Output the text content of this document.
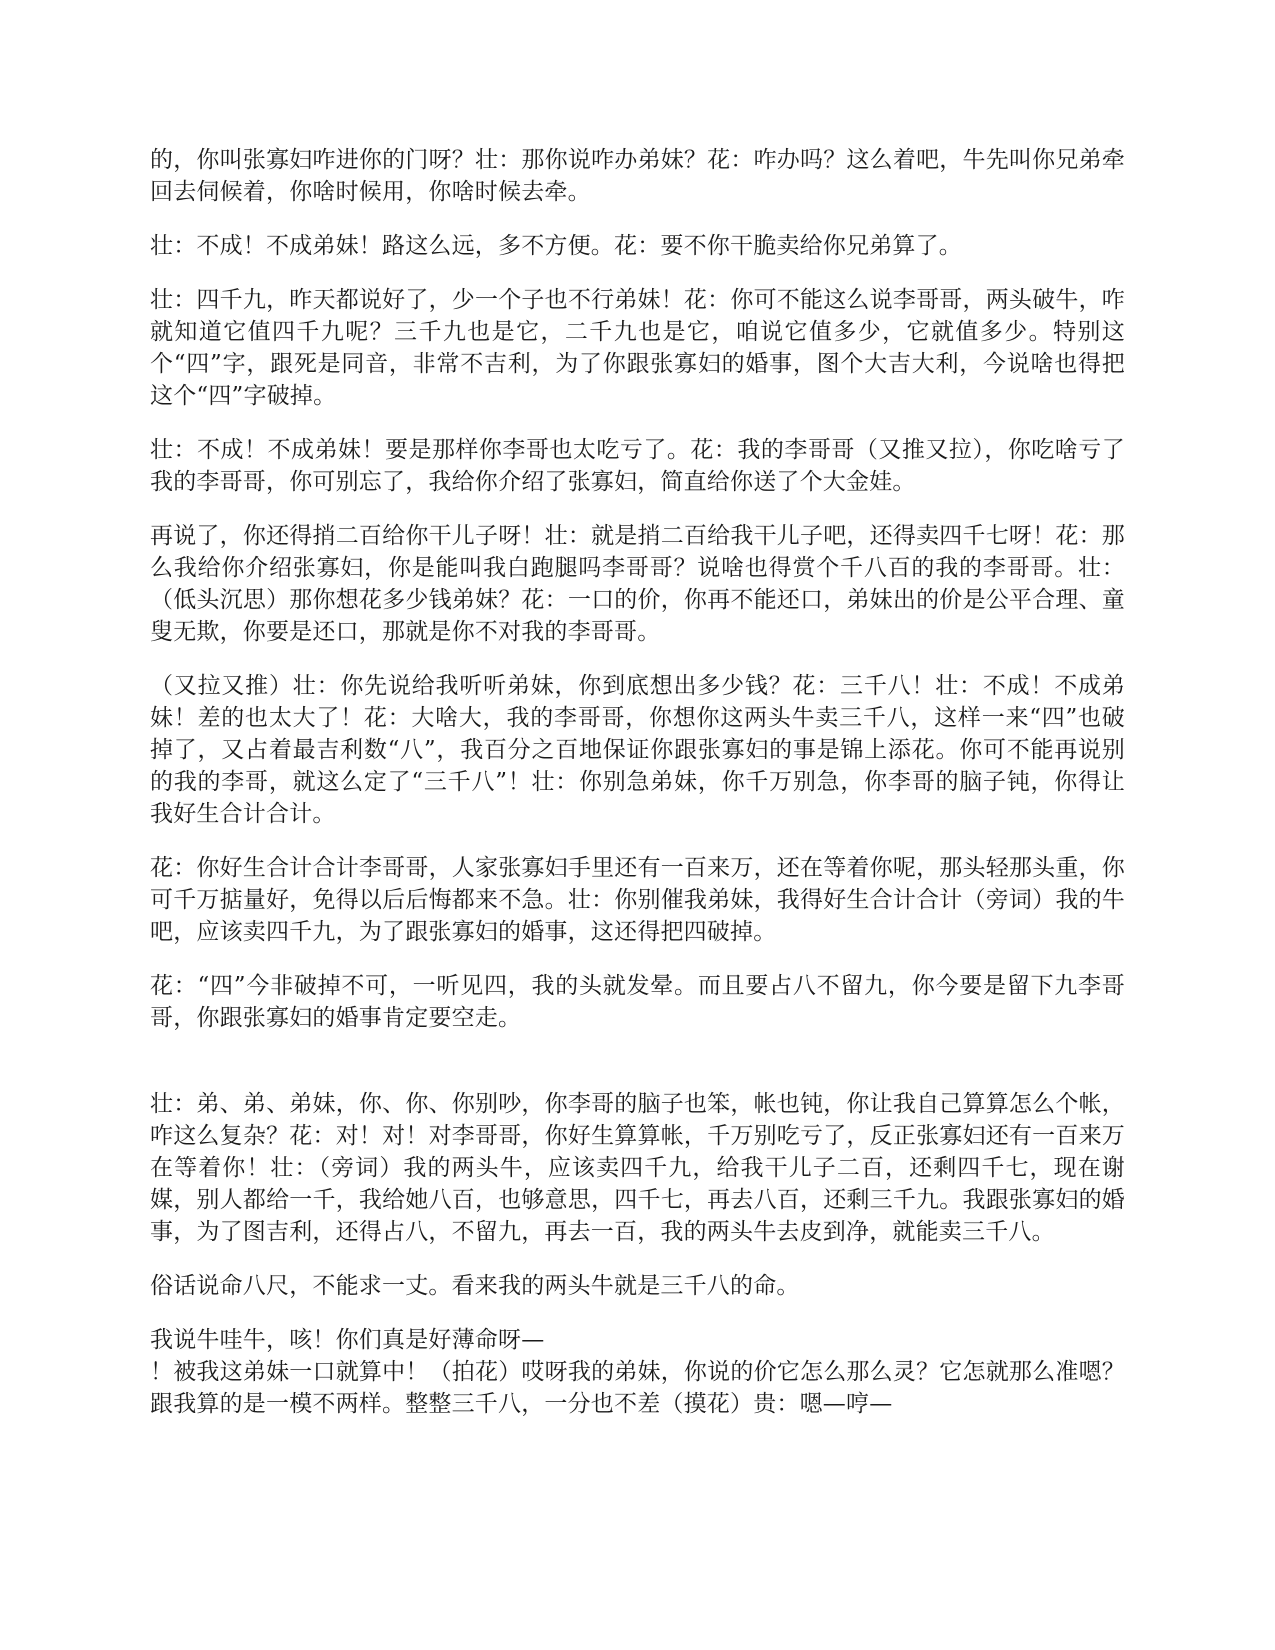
的，你叫张寡妇咋进你的门呀？壮：那你说咋办弟妹？花：咋办吗？这么着吧，牛先叫你兄弟牵回去伺候着，你啥时候用，你啥时候去牵。

壮：不成！不成弟妹！路这么远，多不方便。花：要不你干脆卖给你兄弟算了。

壮：四千九，昨天都说好了，少一个子也不行弟妹！花：你可不能这么说李哥哥，两头破牛，咋就知道它值四千九呢？三千九也是它，二千九也是它，咱说它值多少，它就值多少。特别这个“四”字，跟死是同音，非常不吉利，为了你跟张寡妇的婚事，图个大吉大利，今说啥也得把这个“四”字破掉。

壮：不成！不成弟妹！要是那样你李哥也太吃亏了。花：我的李哥哥（又推又拉），你吃啥亏了我的李哥哥，你可别忘了，我给你介绍了张寡妇，简直给你送了个大金娃。

再说了，你还得捎二百给你干儿子呀！壮：就是捎二百给我干儿子吧，还得卖四千七呀！花：那么我给你介绍张寡妇，你是能叫我白跑腿吗李哥哥？说啥也得赏个千八百的我的李哥哥。壮：（低头沉思）那你想花多少钱弟妹？花：一口的价，你再不能还口，弟妹出的价是公平合理、童叟无欺，你要是还口，那就是你不对我的李哥哥。

（又拉又推）壮：你先说给我听听弟妹，你到底想出多少钱？花：三千八！壮：不成！不成弟妹！差的也太大了！花：大啥大，我的李哥哥，你想你这两头牛卖三千八，这样一来“四”也破掉了，又占着最吉利数“八”，我百分之百地保证你跟张寡妇的事是锦上添花。你可不能再说别的我的李哥，就这么定了“三千八”！壮：你别急弟妹，你千万别急，你李哥的脑子钝，你得让我好生合计合计。

花：你好生合计合计李哥哥，人家张寡妇手里还有一百来万，还在等着你呢，那头轻那头重，你可千万掂量好，免得以后后悔都来不急。壮：你别催我弟妹，我得好生合计合计（旁词）我的牛吧，应该卖四千九，为了跟张寡妇的婚事，这还得把四破掉。

花：“四”今非破掉不可，一听见四，我的头就发晕。而且要占八不留九，你今要是留下九李哥哥，你跟张寡妇的婚事肯定要空走。

壮：弟、弟、弟妹，你、你、你别吵，你李哥的脑子也笨，帐也钝，你让我自己算算怎么个帐，咋这么复杂？花：对！对！对李哥哥，你好生算算帐，千万别吃亏了，反正张寡妇还有一百来万在等着你！壮：（旁词）我的两头牛，应该卖四千九，给我干儿子二百，还剩四千七，现在谢媒，别人都给一千，我给她八百，也够意思，四千七，再去八百，还剩三千九。我跟张寡妇的婚事，为了图吉利，还得占八，不留九，再去一百，我的两头牛去皮到净，就能卖三千八。

俗话说命八尺，不能求一丈。看来我的两头牛就是三千八的命。

我说牛哇牛，咳！你们真是好薄命呀—
！被我这弟妹一口就算中！（拍花）哎呀我的弟妹，你说的价它怎么那么灵？它怎就那么准嗯？跟我算的是一模不两样。整整三千八，一分也不差（摸花）贵：嗯—哼—
